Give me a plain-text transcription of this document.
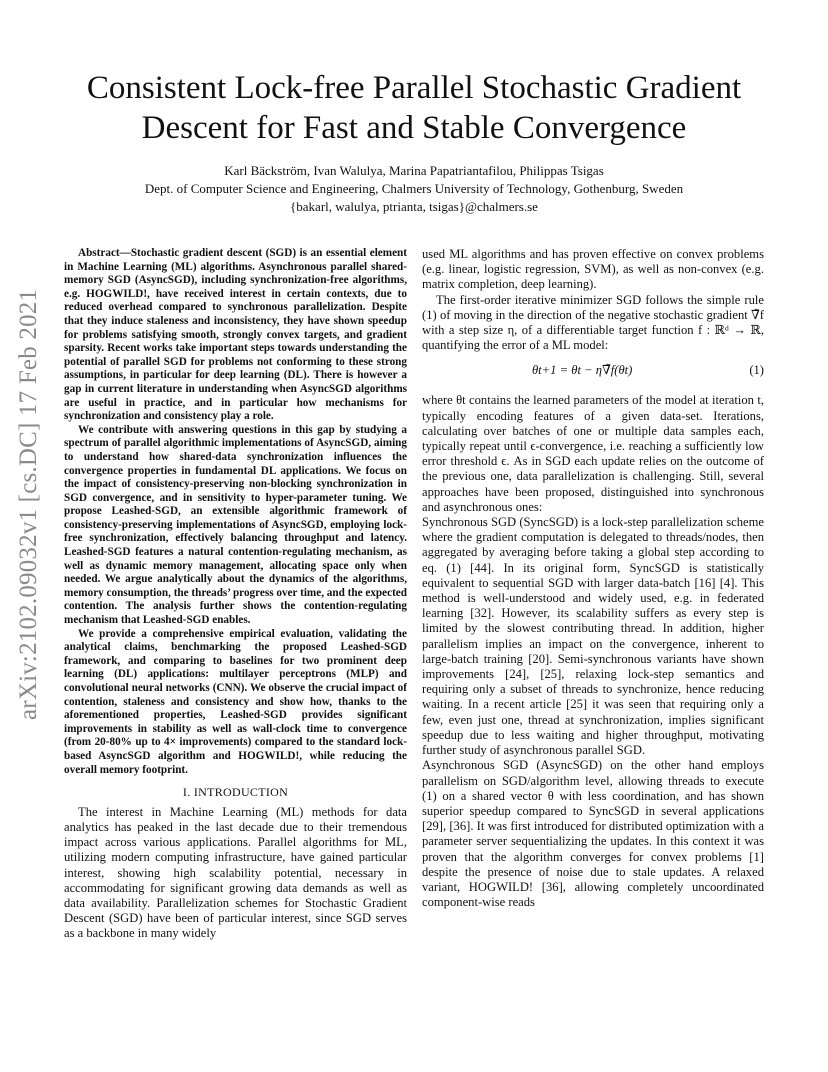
Consistent Lock-free Parallel Stochastic Gradient
Descent for Fast and Stable Convergence
Karl Bäckström, Ivan Walulya, Marina Papatriantafilou, Philippas Tsigas
Dept. of Computer Science and Engineering, Chalmers University of Technology, Gothenburg, Sweden
{bakarl, walulya, ptrianta, tsigas}@chalmers.se
arXiv:2102.09032v1 [cs.DC] 17 Feb 2021

Abstract—Stochastic gradient descent (SGD) is an essential element in Machine Learning (ML) algorithms. Asynchronous parallel shared-memory SGD (AsyncSGD), including synchronization-free algorithms, e.g. HOGWILD!, have received interest in certain contexts, due to reduced overhead compared to synchronous parallelization. Despite that they induce staleness and inconsistency, they have shown speedup for problems satisfying smooth, strongly convex targets, and gradient sparsity. Recent works take important steps towards understanding the potential of parallel SGD for problems not conforming to these strong assumptions, in particular for deep learning (DL). There is however a gap in current literature in understanding when AsyncSGD algorithms are useful in practice, and in particular how mechanisms for synchronization and consistency play a role.

We contribute with answering questions in this gap by studying a spectrum of parallel algorithmic implementations of AsyncSGD, aiming to understand how shared-data synchronization influences the convergence properties in fundamental DL applications. We focus on the impact of consistency-preserving non-blocking synchronization in SGD convergence, and in sensitivity to hyper-parameter tuning. We propose Leashed-SGD, an extensible algorithmic framework of consistency-preserving implementations of AsyncSGD, employing lock-free synchronization, effectively balancing throughput and latency. Leashed-SGD features a natural contention-regulating mechanism, as well as dynamic memory management, allocating space only when needed. We argue analytically about the dynamics of the algorithms, memory consumption, the threads’ progress over time, and the expected contention. The analysis further shows the contention-regulating mechanism that Leashed-SGD enables.

We provide a comprehensive empirical evaluation, validating the analytical claims, benchmarking the proposed Leashed-SGD framework, and comparing to baselines for two prominent deep learning (DL) applications: multilayer perceptrons (MLP) and convolutional neural networks (CNN). We observe the crucial impact of contention, staleness and consistency and show how, thanks to the aforementioned properties, Leashed-SGD provides significant improvements in stability as well as wall-clock time to convergence (from 20-80% up to 4× improvements) compared to the standard lock-based AsyncSGD algorithm and HOGWILD!, while reducing the overall memory footprint.

I. INTRODUCTION

The interest in Machine Learning (ML) methods for data analytics has peaked in the last decade due to their tremendous impact across various applications. Parallel algorithms for ML, utilizing modern computing infrastructure, have gained particular interest, showing high scalability potential, necessary in accommodating for significant growing data demands as well as data availability. Parallelization schemes for Stochastic Gradient Descent (SGD) have been of particular interest, since SGD serves as a backbone in many widely

used ML algorithms and has proven effective on convex problems (e.g. linear, logistic regression, SVM), as well as non-convex (e.g. matrix completion, deep learning).

The first-order iterative minimizer SGD follows the simple rule (1) of moving in the direction of the negative stochastic gradient ∇̃f with a step size η, of a differentiable target function f : ℝᵈ → ℝ, quantifying the error of a ML model:

θt+1 = θt − η∇̃f(θt)	(1)

where θt contains the learned parameters of the model at iteration t, typically encoding features of a given data-set. Iterations, calculating over batches of one or multiple data samples each, typically repeat until ϵ-convergence, i.e. reaching a sufficiently low error threshold ϵ. As in SGD each update relies on the outcome of the previous one, data parallelization is challenging. Still, several approaches have been proposed, distinguished into synchronous and asynchronous ones:

Synchronous SGD (SyncSGD) is a lock-step parallelization scheme where the gradient computation is delegated to threads/nodes, then aggregated by averaging before taking a global step according to eq. (1) [44]. In its original form, SyncSGD is statistically equivalent to sequential SGD with larger data-batch [16] [4]. This method is well-understood and widely used, e.g. in federated learning [32]. However, its scalability suffers as every step is limited by the slowest contributing thread. In addition, higher parallelism implies an impact on the convergence, inherent to large-batch training [20]. Semi-synchronous variants have shown improvements [24], [25], relaxing lock-step semantics and requiring only a subset of threads to synchronize, hence reducing waiting. In a recent article [25] it was seen that requiring only a few, even just one, thread at synchronization, implies significant speedup due to less waiting and higher throughput, motivating further study of asynchronous parallel SGD.

Asynchronous SGD (AsyncSGD) on the other hand employs parallelism on SGD/algorithm level, allowing threads to execute (1) on a shared vector θ with less coordination, and has shown superior speedup compared to SyncSGD in several applications [29], [36]. It was first introduced for distributed optimization with a parameter server sequentializing the updates. In this context it was proven that the algorithm converges for convex problems [1] despite the presence of noise due to stale updates. A relaxed variant, HOGWILD! [36], allowing completely uncoordinated component-wise reads
